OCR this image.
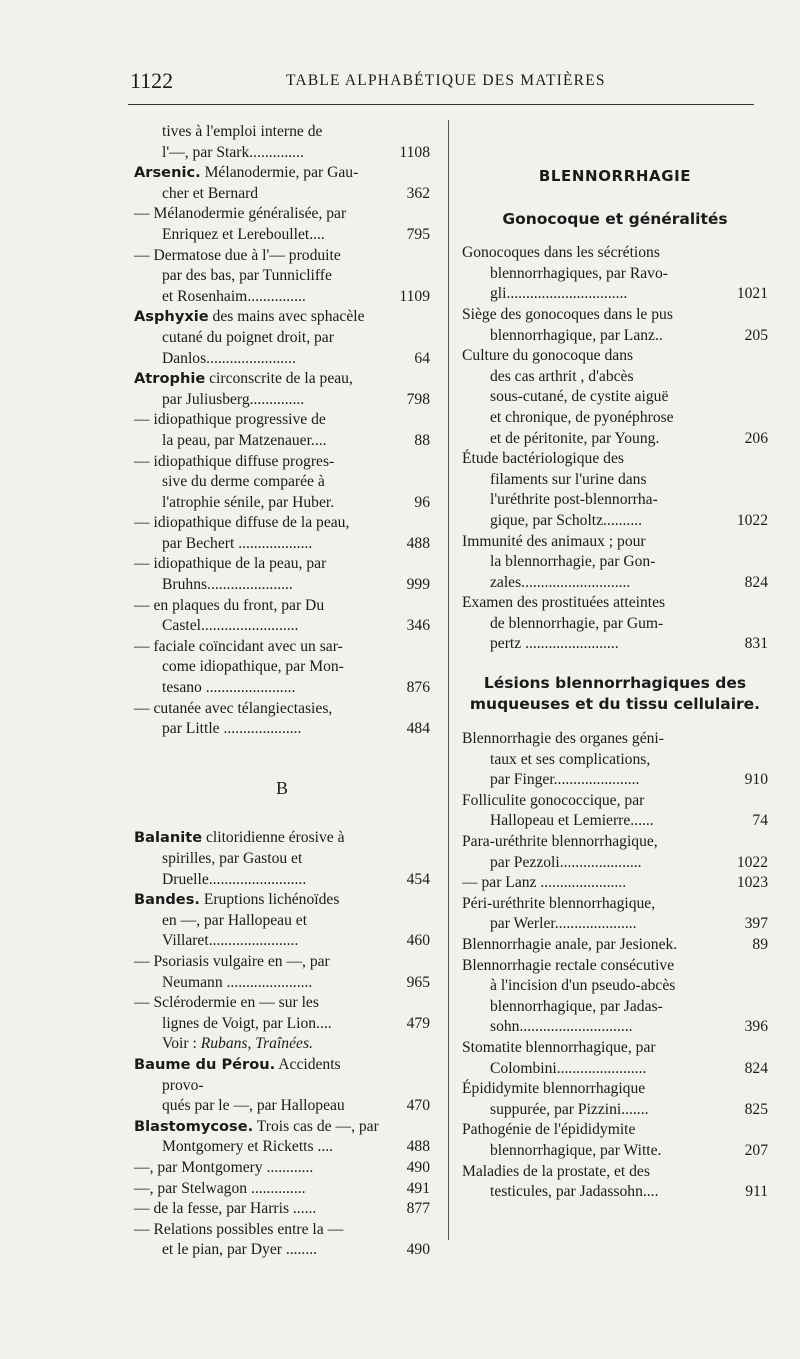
1122	TABLE ALPHABÉTIQUE DES MATIÈRES
tives à l'emploi interne de
l'—, par Stark..............	1108
Arsenic. Mélanodermie, par Gau-
cher et Bernard	362
— Mélanodermie généralisée, par
Enriquez et Lereboullet....	795
— Dermatose due à l'— produite
par des bas, par Tunnicliffe
et Rosenhaim...............	1109
Asphyxie des mains avec sphacèle
cutané du poignet droit, par
Danlos.......................	64
Atrophie circonscrite de la peau,
par Juliusberg..............	798
— idiopathique progressive de
la peau, par Matzenauer....	88
— idiopathique diffuse progres-
sive du derme comparée à
l'atrophie sénile, par Huber.	96
— idiopathique diffuse de la peau,
par Bechert ...................	488
— idiopathique de la peau, par
Bruhns......................	999
— en plaques du front, par Du
Castel.........................	346
— faciale coïncidant avec un sar-
come idiopathique, par Mon-
tesano .......................	876
— cutanée avec télangiectasies,
par Little ....................	484
B
Balanite clitoridienne érosive à
spirilles, par Gastou et
Druelle.........................	454
Bandes. Eruptions lichénoïdes
en —, par Hallopeau et
Villaret.......................	460
— Psoriasis vulgaire en —, par
Neumann ......................	965
— Sclérodermie en — sur les
lignes de Voigt, par Lion....	479
Voir : Rubans, Traînées.
Baume du Pérou. Accidents provo-
qués par le —, par Hallopeau	470
Blastomycose. Trois cas de —, par
Montgomery et Ricketts ....	488
—, par Montgomery ............	490
—, par Stelwagon ..............	491
— de la fesse, par Harris ......	877
— Relations possibles entre la —
et le pian, par Dyer ........	490
BLENNORRHAGIE
Gonocoque et généralités
Gonocoques dans les sécrétions
blennorrhagiques, par Ravo-
gli...............................	1021
Siège des gonocoques dans le pus
blennorrhagique, par Lanz..	205
Culture du gonocoque dans
des cas arthrit , d'abcès
sous-cutané, de cystite aiguë
et chronique, de pyonéphrose
et de péritonite, par Young.	206
Étude bactériologique des
filaments sur l'urine dans
l'uréthrite post-blennorrha-
gique, par Scholtz..........	1022
Immunité des animaux ; pour
la blennorrhagie, par Gon-
zales............................	824
Examen des prostituées atteintes
de blennorrhagie, par Gum-
pertz ........................	831
Lésions blennorrhagiques des muqueuses et du tissu cellulaire.
Blennorrhagie des organes géni-
taux et ses complications,
par Finger......................	910
Folliculite gonococcique, par
Hallopeau et Lemierre......	74
Para-uréthrite blennorrhagique,
par Pezzoli.....................	1022
— par Lanz ......................	1023
Péri-uréthrite blennorrhagique,
par Werler.....................	397
Blennorrhagie anale, par Jesionek.	89
Blennorrhagie rectale consécutive
à l'incision d'un pseudo-abcès
blennorrhagique, par Jadas-
sohn.............................	396
Stomatite blennorrhagique, par
Colombini.......................	824
Épididymite blennorrhagique
suppurée, par Pizzini.......	825
Pathogénie de l'épididymite
blennorrhagique, par Witte.	207
Maladies de la prostate, et des
testicules, par Jadassohn....	911
